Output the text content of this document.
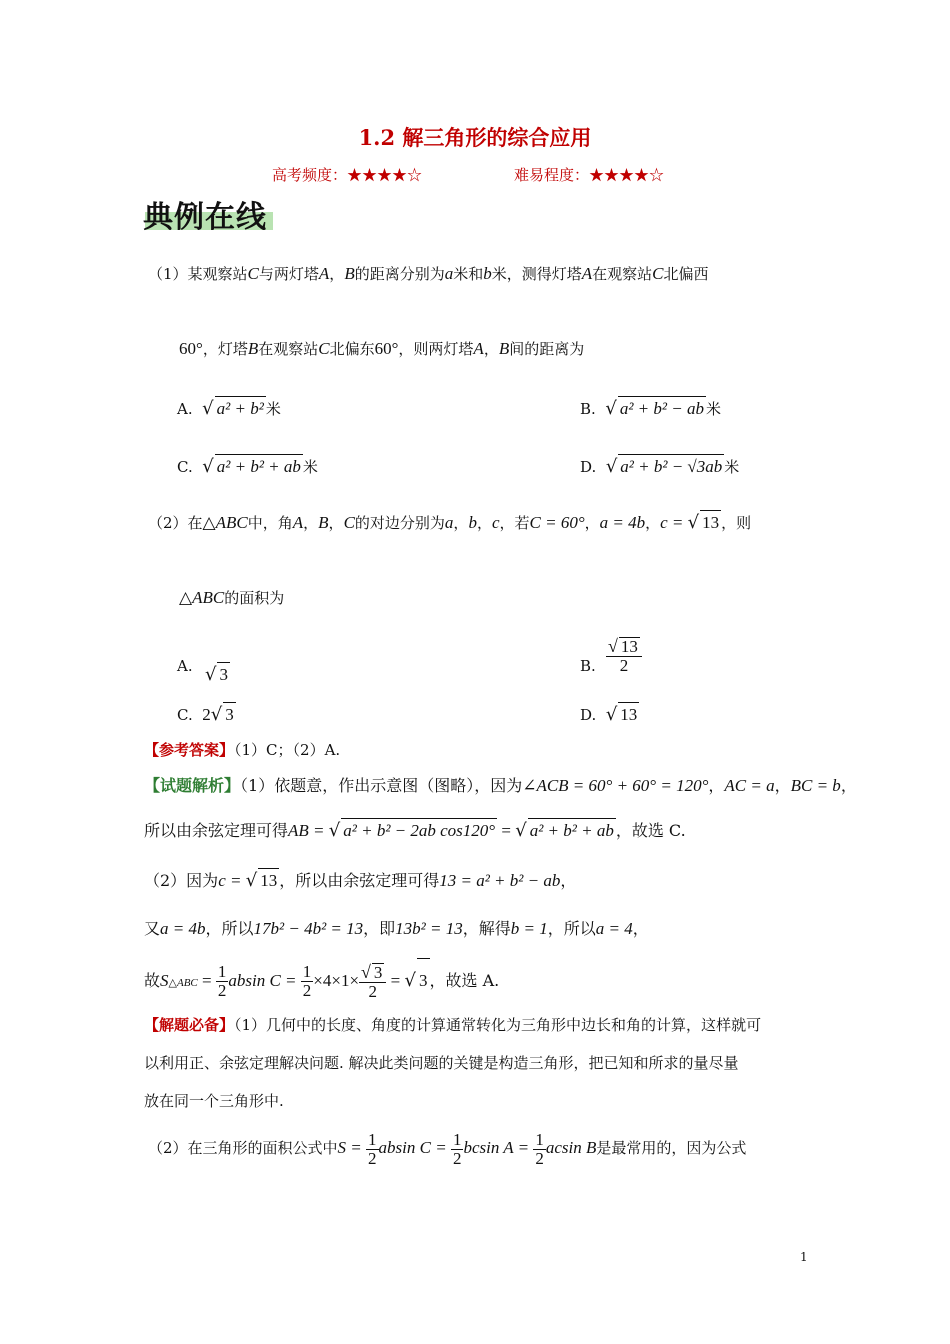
1.2 解三角形的综合应用
高考频度：★★★★☆	难易程度：★★★★☆
典例在线
（1）某观察站C与两灯塔A，B的距离分别为a米和b米，测得灯塔A在观察站C北偏西
60°，灯塔B在观察站C北偏东60°，则两灯塔A，B间的距离为
A. √ a² + b² 米	B. √ a² + b² − ab 米
C. √ a² + b² + ab 米	D. √ a² + b² − √3ab 米
（2）在△ABC中，角A，B，C的对边分别为a，b，c，若C = 60°，a = 4b，c = √ 13 ，则
△ABC的面积为
A. √ 3	B. $\frac{√ 13}{2}$
C. 2√ 3	D. √ 13
【参考答案】（1）C；（2）A.
【试题解析】（1）依题意，作出示意图（图略），因为∠ACB = 60° + 60° = 120°，AC = a，BC = b，
所以由余弦定理可得AB = √ a² + b² − 2ab cos120° = √ a² + b² + ab ，故选 C.
（2）因为c = √ 13 ，所以由余弦定理可得13 = a² + b² − ab，
又a = 4b，所以17b² − 4b² = 13，即13b² = 13，解得b = 1，所以a = 4，
故S△ABC = $\frac{1}{2}$ absin $C = \frac{1}{2} \times 4\times 1\times \frac{√ 3}{2}$ = √ 3 ，故选 A.
【解题必备】（1）几何中的长度、角度的计算通常转化为三角形中边长和角的计算，这样就可
以利用正、余弦定理解决问题. 解决此类问题的关键是构造三角形，把已知和所求的量尽量
放在同一个三角形中.
（2）在三角形的面积公式中$S = \frac{1}{2}$ absin $C = \frac{1}{2}$ bcsin $A = \frac{1}{2}$ acsin B是最常用的，因为公式
1
